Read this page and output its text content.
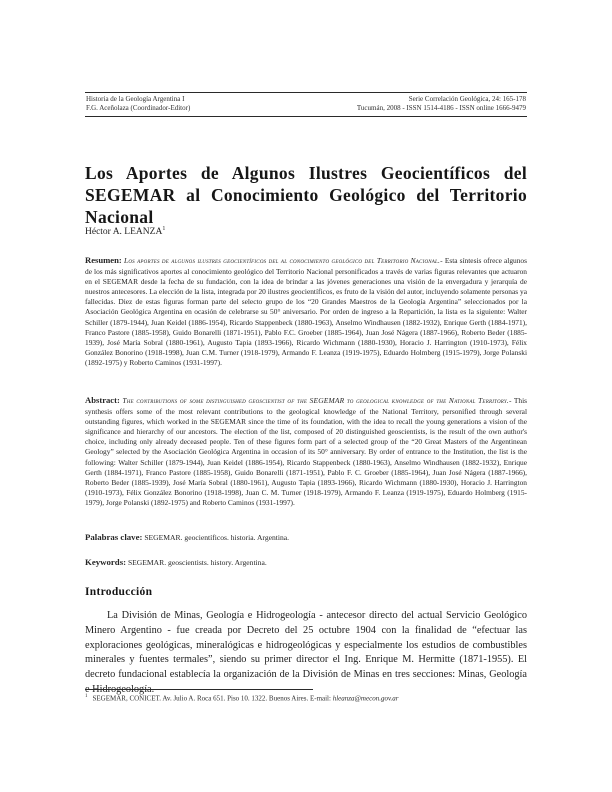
Historia de la Geología Argentina I
F.G. Aceñolaza (Coordinador-Editor)
Serie Correlación Geológica, 24: 165-178
Tucumán, 2008 - ISSN 1514-4186 - ISSN online 1666-9479
Los Aportes de Algunos Ilustres Geocientíficos del SEGEMAR al Conocimiento Geológico del Territorio Nacional
Héctor A. LEANZA$^1$

Resumen: Los aportes de algunos ilustres geocientíficos del al conocimiento geológico del Territorio Nacional.- Esta síntesis ofrece algunos de los más significativos aportes al conocimiento geológico del Territorio Nacional personificados a través de varias figuras relevantes que actuaron en el SEGEMAR desde la fecha de su fundación, con la idea de brindar a las jóvenes generaciones una visión de la envergadura y jerarquía de nuestros antecesores. La elección de la lista, integrada por 20 ilustres geocientíficos, es fruto de la visión del autor, incluyendo solamente personas ya fallecidas. Diez de estas figuras forman parte del selecto grupo de los “20 Grandes Maestros de la Geología Argentina” seleccionados por la Asociación Geológica Argentina en ocasión de celebrarse su 50° aniversario. Por orden de ingreso a la Repartición, la lista es la siguiente: Walter Schiller (1879-1944), Juan Keidel (1886-1954), Ricardo Stappenbeck (1880-1963), Anselmo Windhausen (1882-1932), Enrique Gerth (1884-1971), Franco Pastore (1885-1958), Guido Bonarelli (1871-1951), Pablo F.C. Groeber (1885-1964), Juan José Nágera (1887-1966), Roberto Beder (1885-1939), José María Sobral (1880-1961), Augusto Tapia (1893-1966), Ricardo Wichmann (1880-1930), Horacio J. Harrington (1910-1973), Félix González Bonorino (1918-1998), Juan C.M. Turner (1918-1979), Armando F. Leanza (1919-1975), Eduardo Holmberg (1915-1979), Jorge Polanski (1892-1975) y Roberto Caminos (1931-1997).

Abstract: The contributions of some distinguished geoscientist of the SEGEMAR to geological knowledge of the National Territory.- This synthesis offers some of the most relevant contributions to the geological knowledge of the National Territory, personified through several outstanding figures, which worked in the SEGEMAR since the time of its foundation, with the idea to recall the young generations a vision of the significance and hierarchy of our ancestors. The election of the list, composed of 20 distinguished geoscientists, is the result of the own author's choice, including only already deceased people. Ten of these figures form part of a selected group of the “20 Great Masters of the Argentinean Geology” selected by the Asociación Geológica Argentina in occasion of its 50° anniversary. By order of entrance to the Institution, the list is the following: Walter Schiller (1879-1944), Juan Keidel (1886-1954), Ricardo Stappenbeck (1880-1963), Anselmo Windhausen (1882-1932), Enrique Gerth (1884-1971), Franco Pastore (1885-1958), Guido Bonarelli (1871-1951), Pablo F. C. Groeber (1885-1964), Juan José Nágera (1887-1966), Roberto Beder (1885-1939), José María Sobral (1880-1961), Augusto Tapia (1893-1966), Ricardo Wichmann (1880-1930), Horacio J. Harrington (1910-1973), Félix González Bonorino (1918-1998), Juan C. M. Turner (1918-1979), Armando F. Leanza (1919-1975), Eduardo Holmberg (1915-1979), Jorge Polanski (1892-1975) and Roberto Caminos (1931-1997).

Palabras clave: SEGEMAR. geocientíficos. historia. Argentina.

Keywords: SEGEMAR. geoscientists. history. Argentina.

Introducción

La División de Minas, Geología e Hidrogeología - antecesor directo del actual Servicio Geológico Minero Argentino - fue creada por Decreto del 25 octubre 1904 con la finalidad de “efectuar las exploraciones geológicas, mineralógicas e hidrogeológicas y especialmente los estudios de combustibles minerales y fuentes termales”, siendo su primer director el Ing. Enrique M. Hermitte (1871-1955). El decreto fundacional establecía la organización de la División de Minas en tres secciones: Minas, Geología e Hidrogeología.

$^1$ SEGEMAR, CONICET. Av. Julio A. Roca 651. Piso 10. 1322. Buenos Aires. E-mail: hleanza@mecon.gov.ar
